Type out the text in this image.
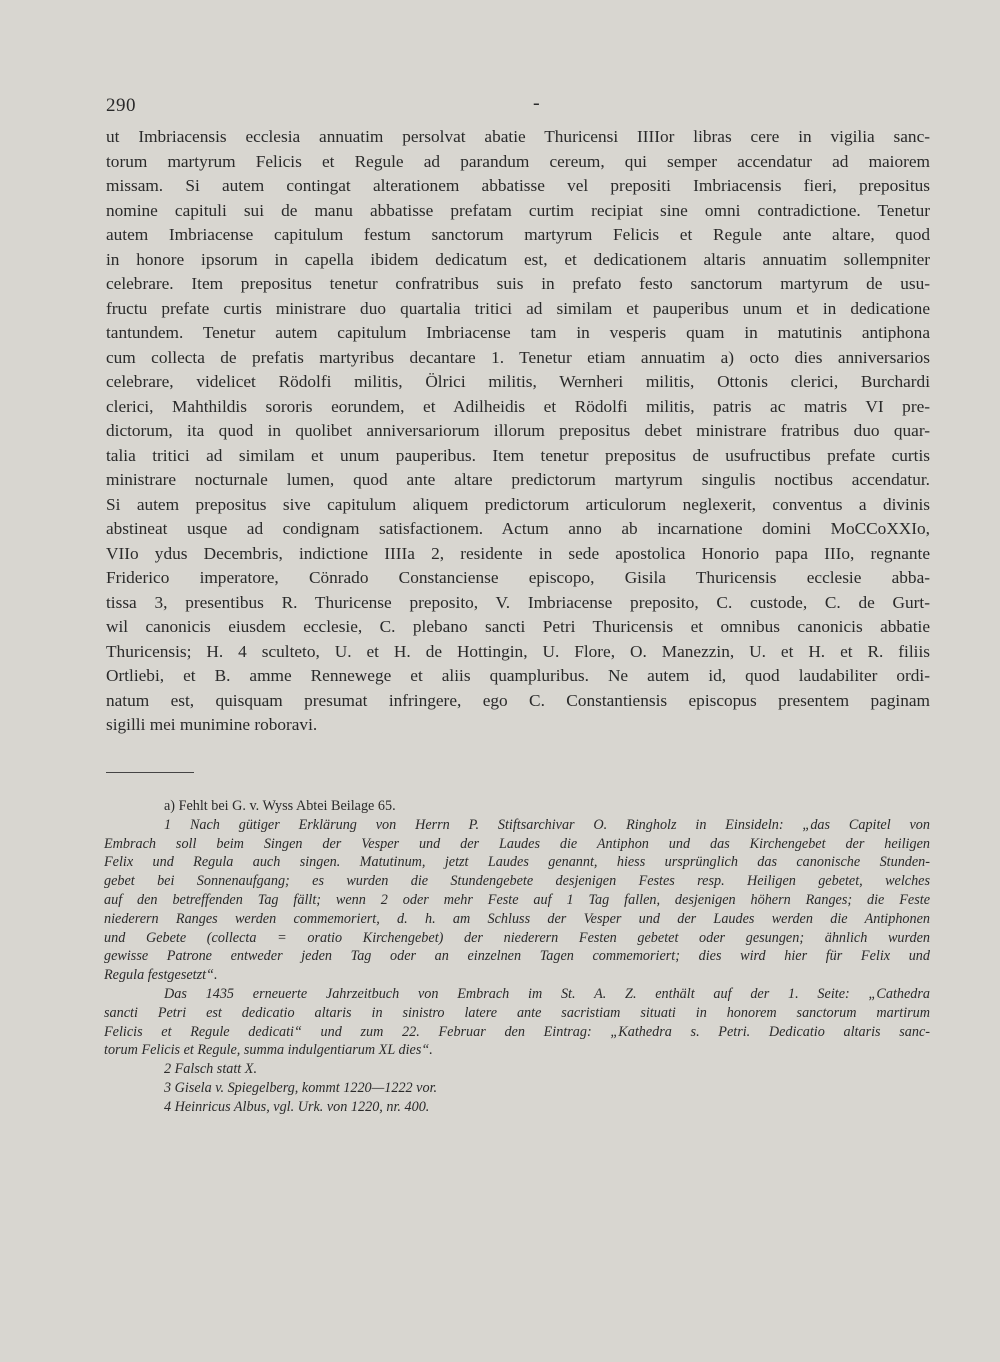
290	-
ut Imbriacensis ecclesia annuatim persolvat abatie Thuricensi IIIIor libras cere in vigilia sanc-
torum martyrum Felicis et Regule ad parandum cereum, qui semper accendatur ad maiorem
missam. Si autem contingat alterationem abbatisse vel prepositi Imbriacensis fieri, prepositus
nomine capituli sui de manu abbatisse prefatam curtim recipiat sine omni contradictione. Tenetur
autem Imbriacense capitulum festum sanctorum martyrum Felicis et Regule ante altare, quod
in honore ipsorum in capella ibidem dedicatum est, et dedicationem altaris annuatim sollempniter
celebrare. Item prepositus tenetur confratribus suis in prefato festo sanctorum martyrum de usu-
fructu prefate curtis ministrare duo quartalia tritici ad similam et pauperibus unum et in dedicatione
tantundem. Tenetur autem capitulum Imbriacense tam in vesperis quam in matutinis antiphona
cum collecta de prefatis martyribus decantare 1. Tenetur etiam annuatim a) octo dies anniversarios
celebrare, videlicet Rödolfi militis, Ölrici militis, Wernheri militis, Ottonis clerici, Burchardi
clerici, Mahthildis sororis eorundem, et Adilheidis et Rödolfi militis, patris ac matris VI pre-
dictorum, ita quod in quolibet anniversariorum illorum prepositus debet ministrare fratribus duo quar-
talia tritici ad similam et unum pauperibus. Item tenetur prepositus de usufructibus prefate curtis
ministrare nocturnale lumen, quod ante altare predictorum martyrum singulis noctibus accendatur.
Si autem prepositus sive capitulum aliquem predictorum articulorum neglexerit, conventus a divinis
abstineat usque ad condignam satisfactionem. Actum anno ab incarnatione domini MoCCoXXIo,
VIIo ydus Decembris, indictione IIIIa 2, residente in sede apostolica Honorio papa IIIo, regnante
Friderico imperatore, Cönrado Constanciense episcopo, Gisila Thuricensis ecclesie abba-
tissa 3, presentibus R. Thuricense preposito, V. Imbriacense preposito, C. custode, C. de Gurt-
wil canonicis eiusdem ecclesie, C. plebano sancti Petri Thuricensis et omnibus canonicis abbatie
Thuricensis; H. 4 sculteto, U. et H. de Hottingin, U. Flore, O. Manezzin, U. et H. et R. filiis
Ortliebi, et B. amme Rennewege et aliis quampluribus. Ne autem id, quod laudabiliter ordi-
natum est, quisquam presumat infringere, ego C. Constantiensis episcopus presentem paginam
sigilli mei munimine roboravi.
a) Fehlt bei G. v. Wyss Abtei Beilage 65.
1 Nach gütiger Erklärung von Herrn P. Stiftsarchivar O. Ringholz in Einsideln: „das Capitel von
Embrach soll beim Singen der Vesper und der Laudes die Antiphon und das Kirchengebet der heiligen
Felix und Regula auch singen. Matutinum, jetzt Laudes genannt, hiess ursprünglich das canonische Stunden-
gebet bei Sonnenaufgang; es wurden die Stundengebete desjenigen Festes resp. Heiligen gebetet, welches
auf den betreffenden Tag fällt; wenn 2 oder mehr Feste auf 1 Tag fallen, desjenigen höhern Ranges; die Feste
niederern Ranges werden commemoriert, d. h. am Schluss der Vesper und der Laudes werden die Antiphonen
und Gebete (collecta = oratio Kirchengebet) der niederern Festen gebetet oder gesungen; ähnlich wurden
gewisse Patrone entweder jeden Tag oder an einzelnen Tagen commemoriert; dies wird hier für Felix und
Regula festgesetzt“.
Das 1435 erneuerte Jahrzeitbuch von Embrach im St. A. Z. enthält auf der 1. Seite: „Cathedra
sancti Petri est dedicatio altaris in sinistro latere ante sacristiam situati in honorem sanctorum martirum
Felicis et Regule dedicati“ und zum 22. Februar den Eintrag: „Kathedra s. Petri. Dedicatio altaris sanc-
torum Felicis et Regule, summa indulgentiarum XL dies“.
2 Falsch statt X.
3 Gisela v. Spiegelberg, kommt 1220—1222 vor.
4 Heinricus Albus, vgl. Urk. von 1220, nr. 400.
